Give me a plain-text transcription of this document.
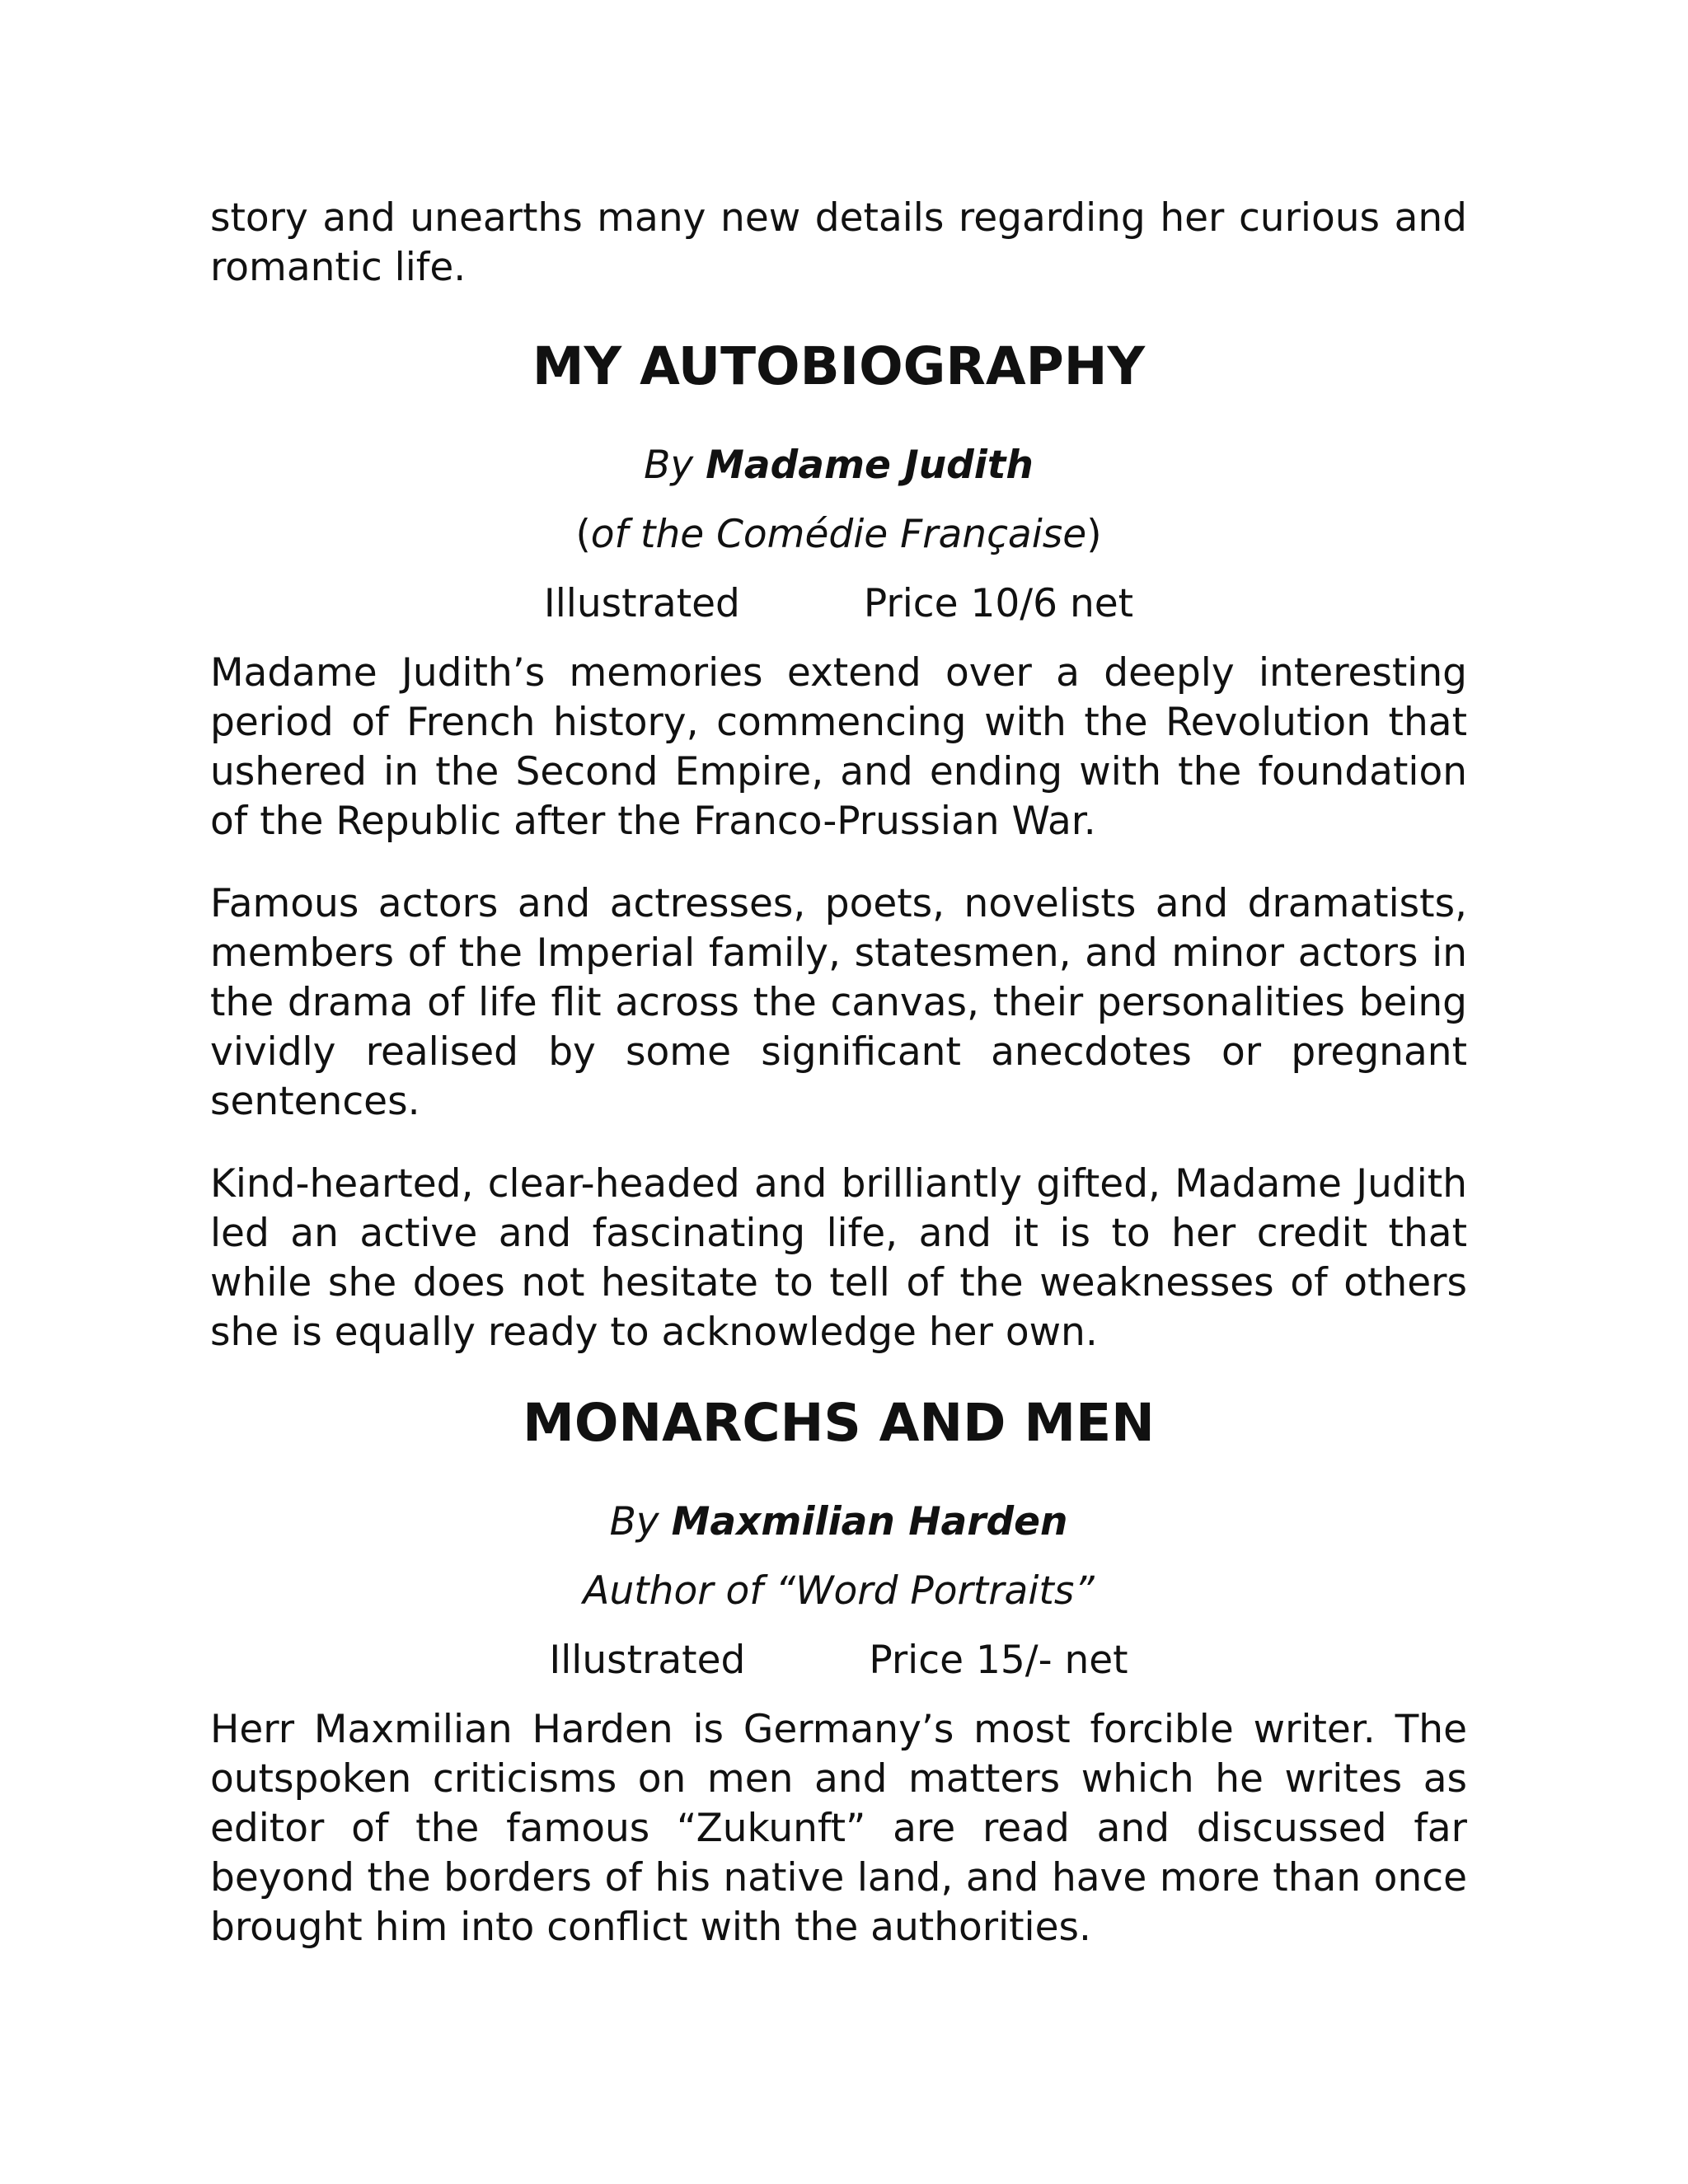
story and unearths many new details regarding her curious and romantic life.

MY AUTOBIOGRAPHY
By Madame Judith
(of the Comédie Française)
Illustrated	Price 10/6 net

Madame Judith’s memories extend over a deeply interesting period of French history, commencing with the Revolution that ushered in the Second Empire, and ending with the foundation of the Republic after the Franco-Prussian War.

Famous actors and actresses, poets, novelists and dramatists, members of the Imperial family, statesmen, and minor actors in the drama of life flit across the canvas, their personalities being vividly realised by some significant anecdotes or pregnant sentences.

Kind-hearted, clear-headed and brilliantly gifted, Madame Judith led an active and fascinating life, and it is to her credit that while she does not hesitate to tell of the weaknesses of others she is equally ready to acknowledge her own.

MONARCHS AND MEN
By Maxmilian Harden
Author of “Word Portraits”
Illustrated	Price 15/- net

Herr Maxmilian Harden is Germany’s most forcible writer. The outspoken criticisms on men and matters which he writes as editor of the famous “Zukunft” are read and discussed far beyond the borders of his native land, and have more than once brought him into conflict with the authorities.
